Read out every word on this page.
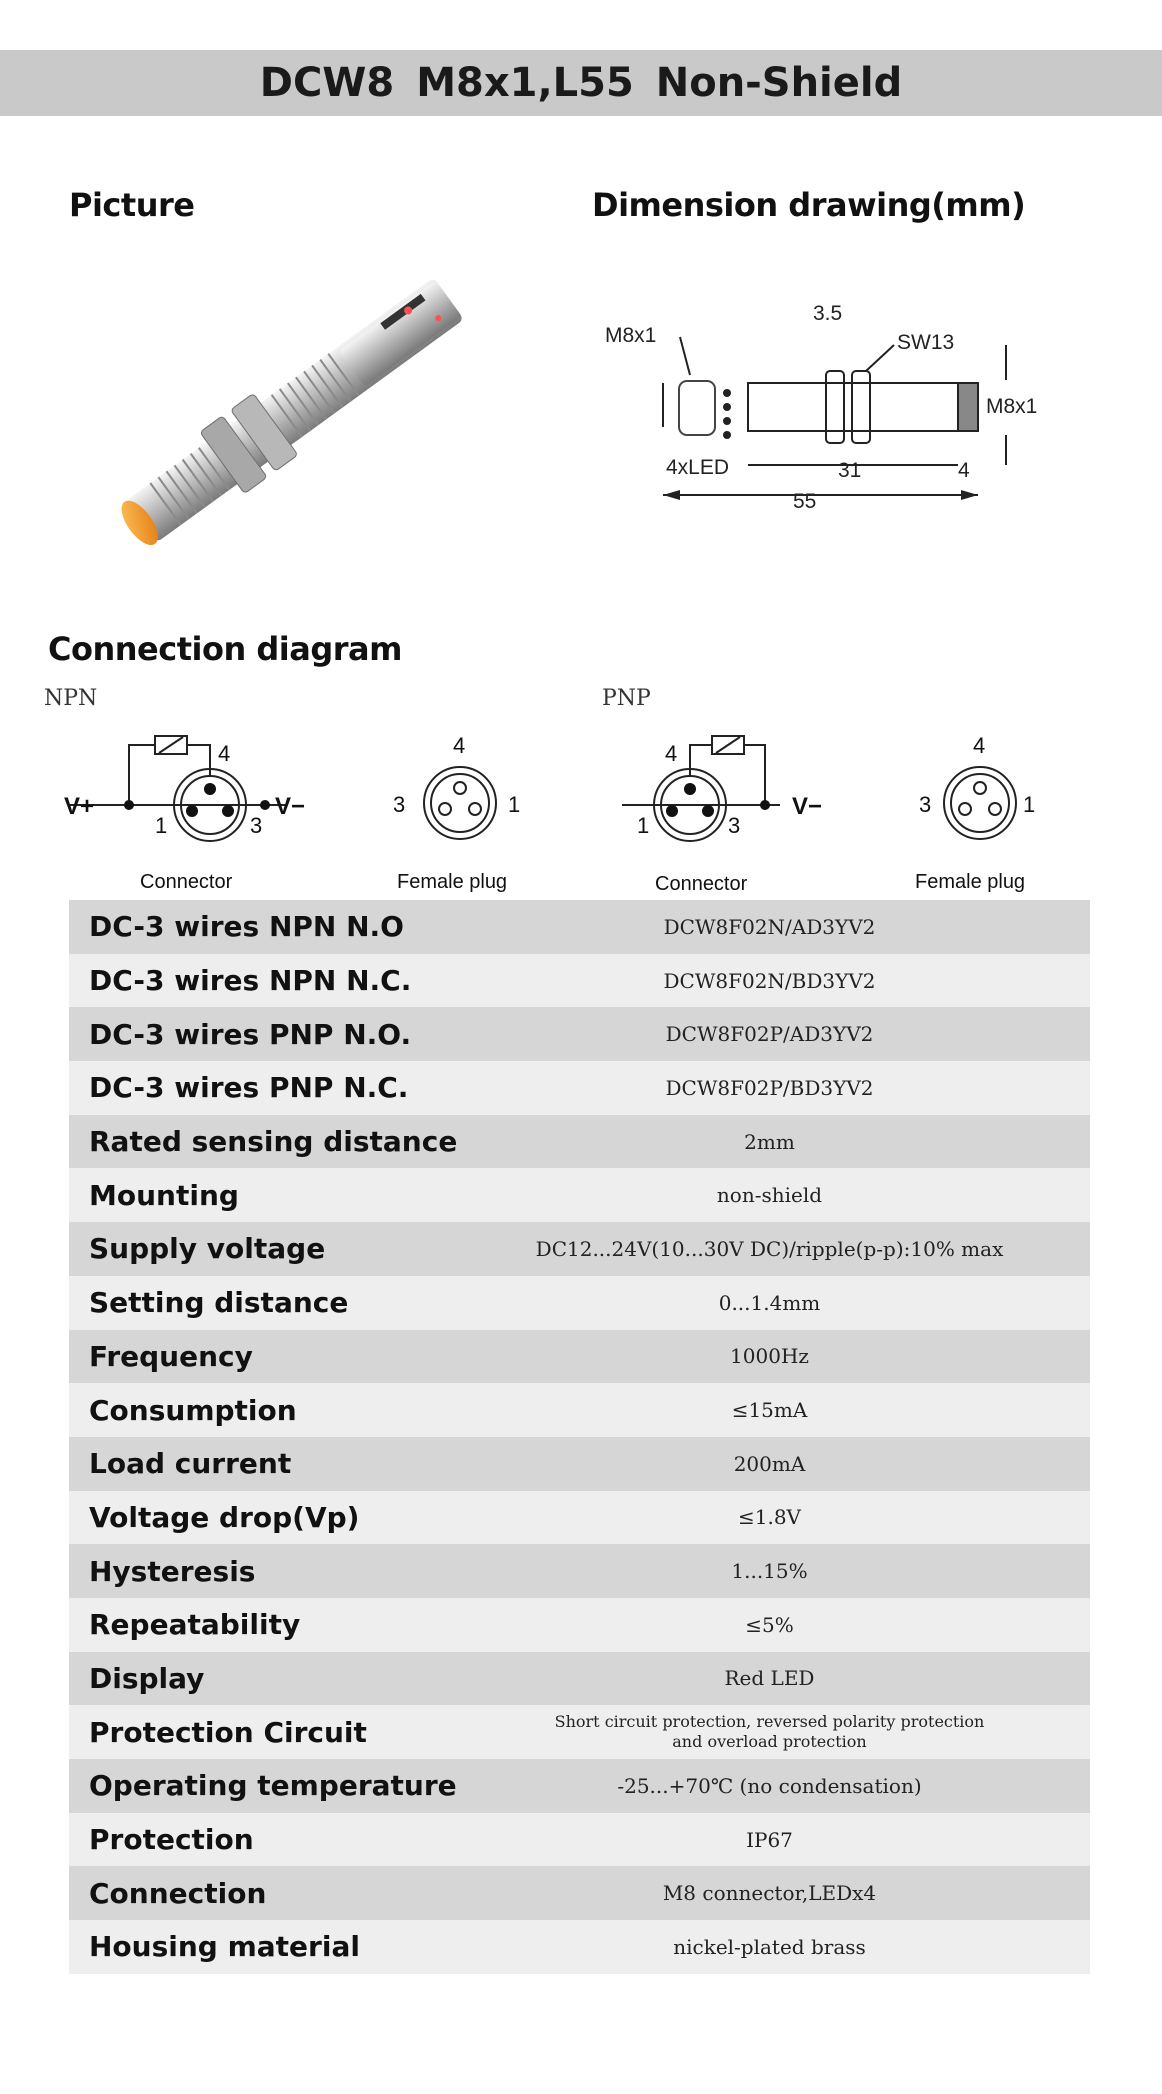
DCW8 M8x1,L55 Non-Shield
Picture	Dimension drawing(mm)
M8x1
3.5
SW13
M8x1
4xLED	31	4
55
Connection diagram
NPN	PNP
V+	V−
4
1	3
Connector
4
3	1
Female plug
V−
4
1	3
Connector
4
3	1
Female plug
DC-3 wires NPN N.O	DCW8F02N/AD3YV2
DC-3 wires NPN N.C.	DCW8F02N/BD3YV2
DC-3 wires PNP N.O.	DCW8F02P/AD3YV2
DC-3 wires PNP N.C.	DCW8F02P/BD3YV2
Rated sensing distance	2mm
Mounting	non-shield
Supply voltage	DC12...24V(10...30V DC)/ripple(p-p):10% max
Setting distance	0...1.4mm
Frequency	1000Hz
Consumption	≤15mA
Load current	200mA
Voltage drop(Vp)	≤1.8V
Hysteresis	1...15%
Repeatability	≤5%
Display	Red LED
Protection Circuit	Short circuit protection, reversed polarity protection
and overload protection

Operating temperature	-25...+70℃ (no condensation)
Protection	IP67
Connection	M8 connector,LEDx4
Housing material	nickel-plated brass
